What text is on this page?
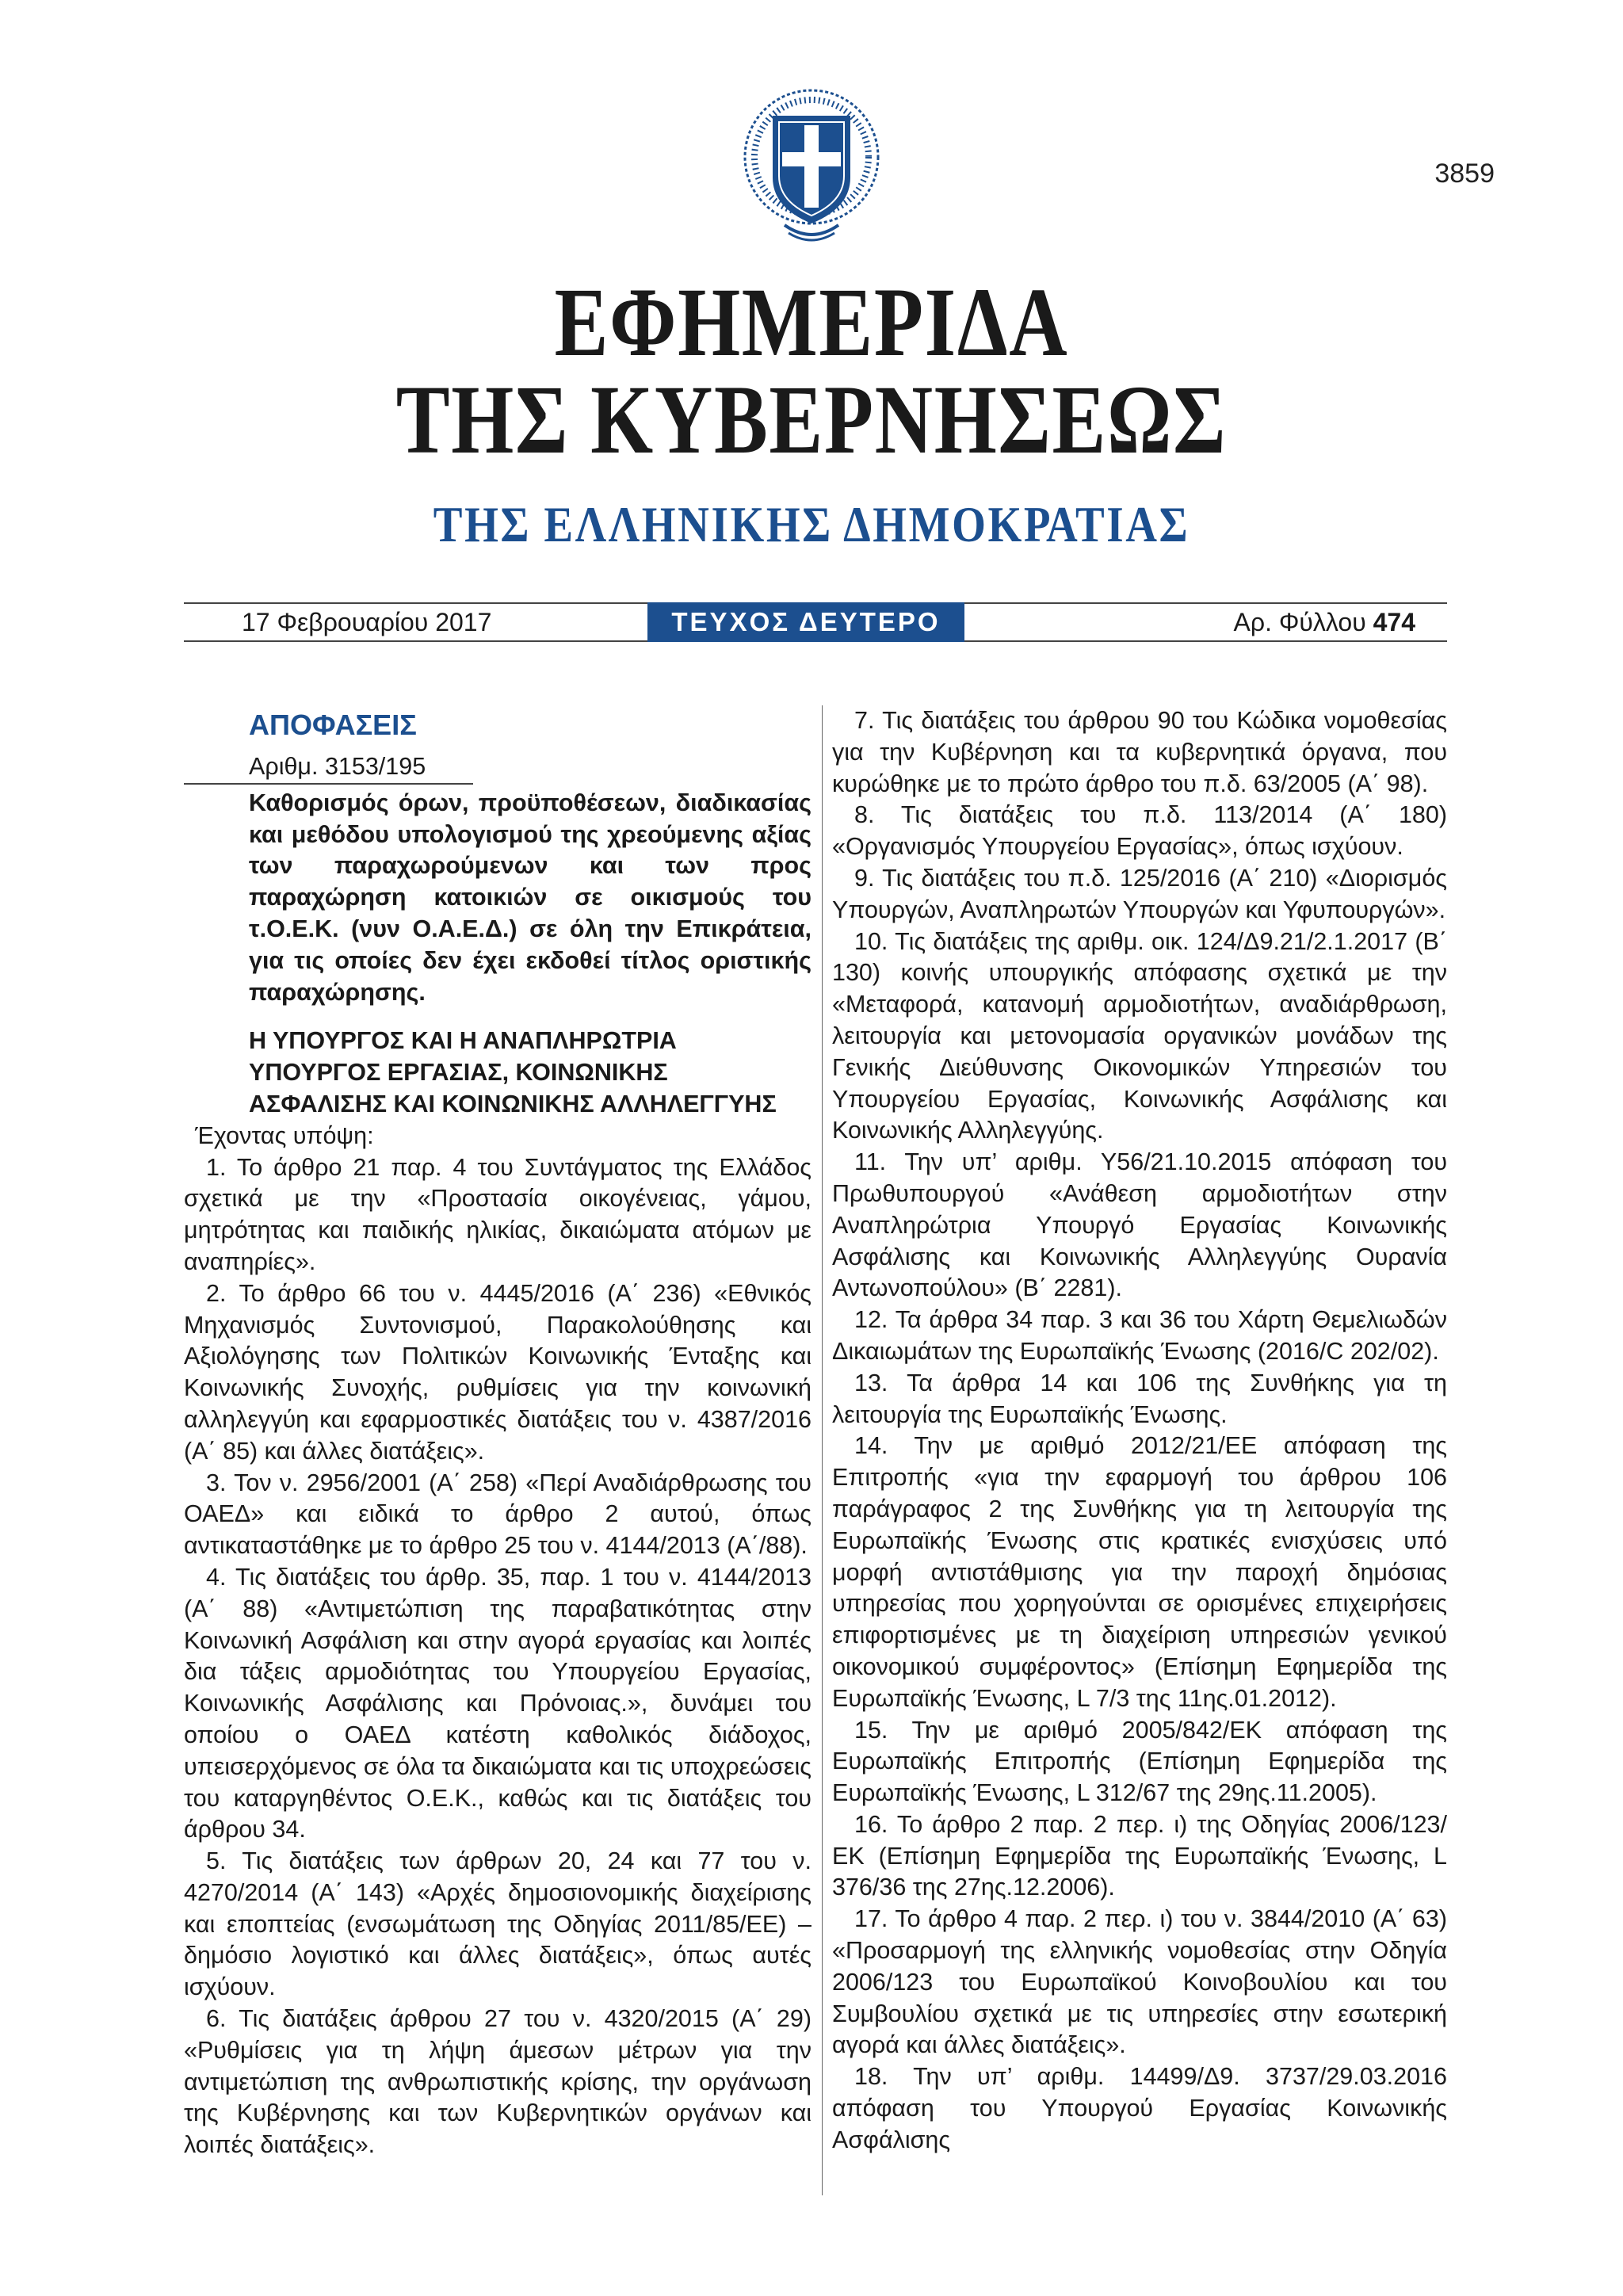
3859
ΕΦΗΜΕΡΙΔΑ
ΤΗΣ ΚΥΒΕΡΝΗΣΕΩΣ
ΤΗΣ ΕΛΛΗΝΙΚΗΣ ΔΗΜΟΚΡΑΤΙΑΣ
17 Φεβρουαρίου 2017	ΤΕΥΧΟΣ ΔΕΥΤΕΡΟ	Αρ. Φύλλου 474
ΑΠΟΦΑΣΕΙΣ
Αριθμ. 3153/195
Καθορισμός όρων, προϋποθέσεων, διαδικασίας και μεθόδου υπολογισμού της χρεούμενης αξίας των παραχωρούμενων και των προς παραχώρηση κατοικιών σε οικισμούς του τ.Ο.Ε.Κ. (νυν Ο.Α.Ε.Δ.) σε όλη την Επικράτεια, για τις οποίες δεν έχει εκδοθεί τίτλος οριστικής παραχώρησης.
Η ΥΠΟΥΡΓΟΣ ΚΑΙ Η ΑΝΑΠΛΗΡΩΤΡΙΑ
ΥΠΟΥΡΓΟΣ ΕΡΓΑΣΙΑΣ, ΚΟΙΝΩΝΙΚΗΣ
ΑΣΦΑΛΙΣΗΣ ΚΑΙ ΚΟΙΝΩΝΙΚΗΣ ΑΛΛΗΛΕΓΓΥΗΣ

Έχοντας υπόψη:

1. Το άρθρο 21 παρ. 4 του Συντάγματος της Ελλάδος σχετικά με την «Προστασία οικογένειας, γάμου, μητρότητας και παιδικής ηλικίας, δικαιώματα ατόμων με αναπηρίες».

2. Το άρθρο 66 του ν. 4445/2016 (Α΄ 236) «Εθνικός Μηχανισμός Συντονισμού, Παρακολούθησης και Αξιολόγησης των Πολιτικών Κοινωνικής Ένταξης και Κοινωνικής Συνοχής, ρυθμίσεις για την κοινωνική αλληλεγγύη και εφαρμοστικές διατάξεις του ν. 4387/2016 (Α΄ 85) και άλλες διατάξεις».

3. Τον ν. 2956/2001 (Α΄ 258) «Περί Αναδιάρθρωσης του ΟΑΕΔ» και ειδικά το άρθρο 2 αυτού, όπως αντικαταστάθηκε με το άρθρο 25 του ν. 4144/2013 (Α΄/88).

4. Τις διατάξεις του άρθρ. 35, παρ. 1 του ν. 4144/2013 (Α΄ 88) «Αντιμετώπιση της παραβατικότητας στην Κοινωνική Ασφάλιση και στην αγορά εργασίας και λοιπές δια τάξεις αρμοδιότητας του Υπουργείου Εργασίας, Κοινωνικής Ασφάλισης και Πρόνοιας.», δυνάμει του οποίου ο ΟΑΕΔ κατέστη καθολικός διάδοχος, υπεισερχόμενος σε όλα τα δικαιώματα και τις υποχρεώσεις του καταργηθέντος Ο.Ε.Κ., καθώς και τις διατάξεις του άρθρου 34.

5. Τις διατάξεις των άρθρων 20, 24 και 77 του ν. 4270/2014 (Α΄ 143) «Αρχές δημοσιονομικής διαχείρισης και εποπτείας (ενσωμάτωση της Οδηγίας 2011/85/ΕΕ) – δημόσιο λογιστικό και άλλες διατάξεις», όπως αυτές ισχύουν.

6. Τις διατάξεις άρθρου 27 του ν. 4320/2015 (Α΄ 29) «Ρυθμίσεις για τη λήψη άμεσων μέτρων για την αντιμετώπιση της ανθρωπιστικής κρίσης, την οργάνωση της Κυβέρνησης και των Κυβερνητικών οργάνων και λοιπές διατάξεις».

7. Τις διατάξεις του άρθρου 90 του Κώδικα νομοθεσίας για την Κυβέρνηση και τα κυβερνητικά όργανα, που κυρώθηκε με το πρώτο άρθρο του π.δ. 63/2005 (Α΄ 98).

8. Τις διατάξεις του π.δ. 113/2014 (Α΄ 180) «Οργανισμός Υπουργείου Εργασίας», όπως ισχύουν.

9. Τις διατάξεις του π.δ. 125/2016 (Α΄ 210) «Διορισμός Υπουργών, Αναπληρωτών Υπουργών και Υφυπουργών».

10. Τις διατάξεις της αριθμ. οικ. 124/Δ9.21/2.1.2017 (Β΄ 130) κοινής υπουργικής απόφασης σχετικά με την «Μεταφορά, κατανομή αρμοδιοτήτων, αναδιάρθρωση, λειτουργία και μετονομασία οργανικών μονάδων της Γενικής Διεύθυνσης Οικονομικών Υπηρεσιών του Υπουργείου Εργασίας, Κοινωνικής Ασφάλισης και Κοινωνικής Αλληλεγγύης.

11. Την υπ’ αριθμ. Υ56/21.10.2015 απόφαση του Πρωθυπουργού «Ανάθεση αρμοδιοτήτων στην Αναπληρώτρια Υπουργό Εργασίας Κοινωνικής Ασφάλισης και Κοινωνικής Αλληλεγγύης Ουρανία Αντωνοπούλου» (Β΄ 2281).

12. Τα άρθρα 34 παρ. 3 και 36 του Χάρτη Θεμελιωδών Δικαιωμάτων της Ευρωπαϊκής Ένωσης (2016/C 202/02).

13. Τα άρθρα 14 και 106 της Συνθήκης για τη λειτουργία της Ευρωπαϊκής Ένωσης.

14. Την με αριθμό 2012/21/ΕΕ απόφαση της Επιτροπής «για την εφαρμογή του άρθρου 106 παράγραφος 2 της Συνθήκης για τη λειτουργία της Ευρωπαϊκής Ένωσης στις κρατικές ενισχύσεις υπό μορφή αντιστάθμισης για την παροχή δημόσιας υπηρεσίας που χορηγούνται σε ορισμένες επιχειρήσεις επιφορτισμένες με τη διαχείριση υπηρεσιών γενικού οικονομικού συμφέροντος» (Επίσημη Εφημερίδα της Ευρωπαϊκής Ένωσης, L 7/3 της 11ης.01.2012).

15. Την με αριθμό 2005/842/ΕΚ απόφαση της Ευρωπαϊκής Επιτροπής (Επίσημη Εφημερίδα της Ευρωπαϊκής Ένωσης, L 312/67 της 29ης.11.2005).

16. Το άρθρο 2 παρ. 2 περ. ι) της Οδηγίας 2006/123/ΕΚ (Επίσημη Εφημερίδα της Ευρωπαϊκής Ένωσης, L 376/36 της 27ης.12.2006).

17. Το άρθρο 4 παρ. 2 περ. ι) του ν. 3844/2010 (Α΄ 63) «Προσαρμογή της ελληνικής νομοθεσίας στην Οδηγία 2006/123 του Ευρωπαϊκού Κοινοβουλίου και του Συμβουλίου σχετικά με τις υπηρεσίες στην εσωτερική αγορά και άλλες διατάξεις».

18. Την υπ’ αριθμ. 14499/Δ9. 3737/29.03.2016 απόφαση του Υπουργού Εργασίας Κοινωνικής Ασφάλισης
